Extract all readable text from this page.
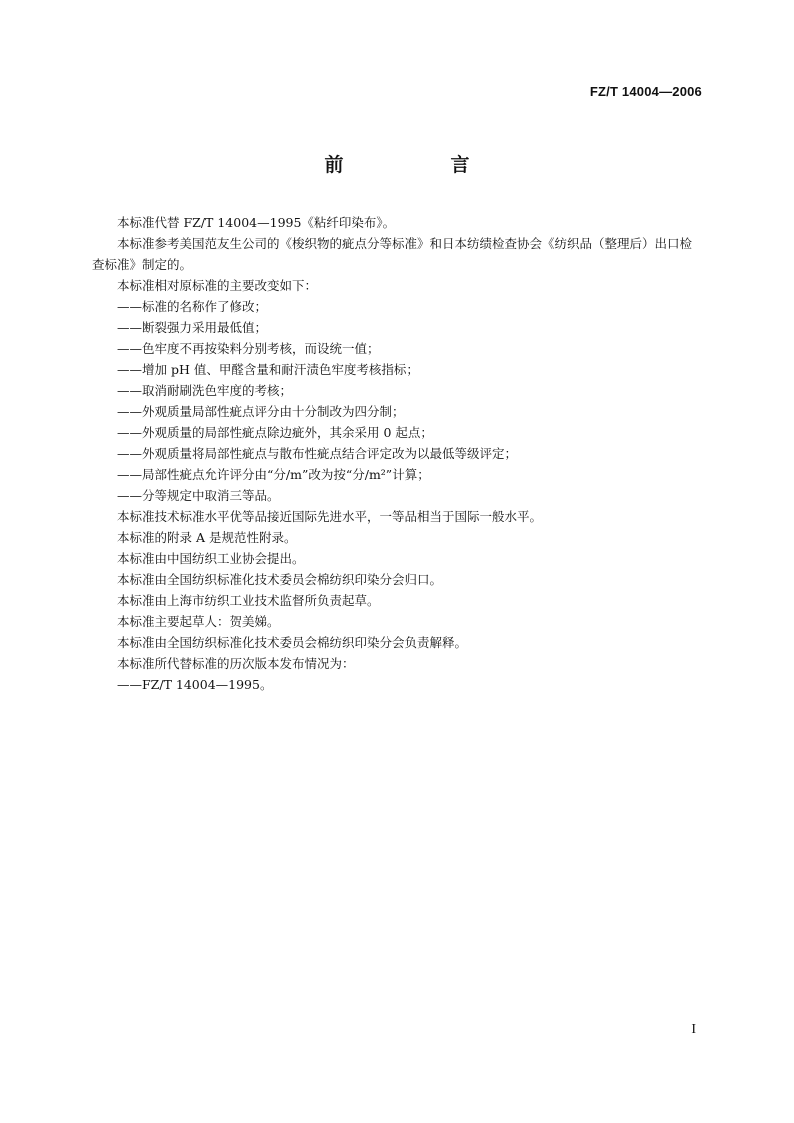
FZ/T 14004—2006
前　言

本标准代替 FZ/T 14004—1995《粘纤印染布》。

本标准参考美国范友生公司的《梭织物的疵点分等标准》和日本纺绩检查协会《纺织品（整理后）出口检查标准》制定的。

本标准相对原标准的主要改变如下：

——标准的名称作了修改；

——断裂强力采用最低值；

——色牢度不再按染料分别考核，而设统一值；

——增加 pH 值、甲醛含量和耐汗渍色牢度考核指标；

——取消耐刷洗色牢度的考核；

——外观质量局部性疵点评分由十分制改为四分制；

——外观质量的局部性疵点除边疵外，其余采用 0 起点；

——外观质量将局部性疵点与散布性疵点结合评定改为以最低等级评定；

——局部性疵点允许评分由“分/m”改为按“分/m²”计算；

——分等规定中取消三等品。

本标准技术标准水平优等品接近国际先进水平，一等品相当于国际一般水平。

本标准的附录 A 是规范性附录。

本标准由中国纺织工业协会提出。

本标准由全国纺织标准化技术委员会棉纺织印染分会归口。

本标准由上海市纺织工业技术监督所负责起草。

本标准主要起草人：贺美娣。

本标准由全国纺织标准化技术委员会棉纺织印染分会负责解释。

本标准所代替标准的历次版本发布情况为：

——FZ/T 14004—1995。

I
